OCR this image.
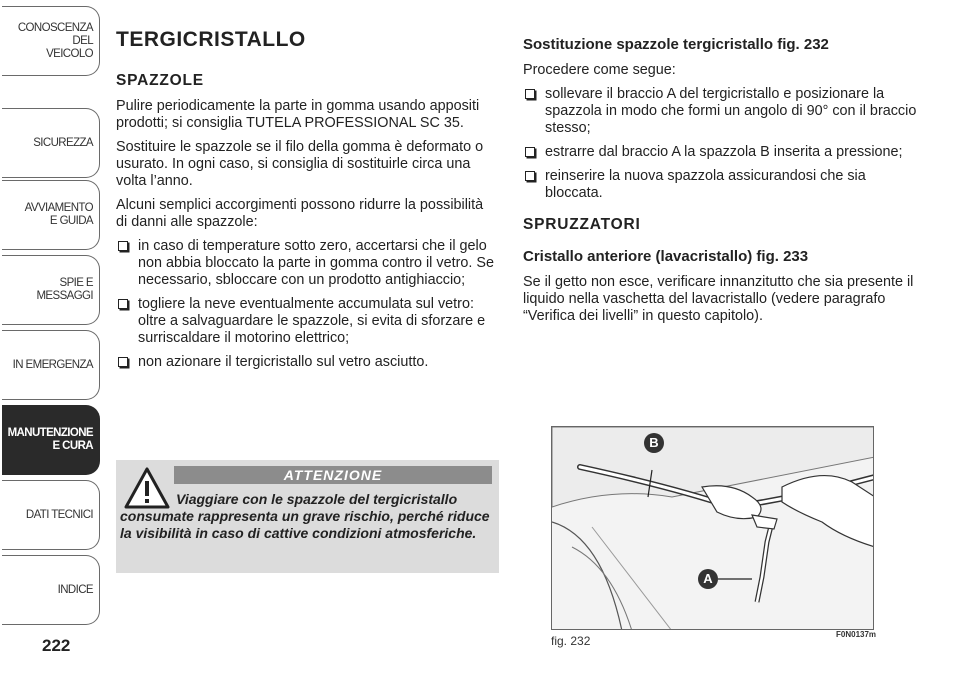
CONOSCENZA
DEL
VEICOLO
SICUREZZA
AVVIAMENTO
E GUIDA
SPIE E
MESSAGGI
IN EMERGENZA
MANUTENZIONE
E CURA
DATI TECNICI
INDICE
222
TERGICRISTALLO
SPAZZOLE

Pulire periodicamente la parte in gomma usando appositi prodotti; si consiglia TUTELA PROFESSIONAL SC 35.

Sostituire le spazzole se il filo della gomma è deformato o usurato. In ogni caso, si consiglia di sostituirle circa una volta l’anno.

Alcuni semplici accorgimenti possono ridurre la possibilità di danni alle spazzole:

in caso di temperature sotto zero, accertarsi che il gelo non abbia bloccato la parte in gomma contro il vetro. Se necessario, sbloccare con un prodotto antighiaccio;
togliere la neve eventualmente accumulata sul vetro: oltre a salvaguardare le spazzole, si evita di sforzare e surriscaldare il motorino elettrico;
non azionare il tergicristallo sul vetro asciutto.
ATTENZIONE
Viaggiare con le spazzole del tergicristallo consumate rappresenta un grave rischio, perché riduce la visibilità in caso di cattive condizioni atmosferiche.
Sostituzione spazzole tergicristallo fig. 232

Procedere come segue:

sollevare il braccio A del tergicristallo e posizionare la spazzola in modo che formi un angolo di 90° con il braccio stesso;
estrarre dal braccio A la spazzola B inserita a pressione;
reinserire la nuova spazzola assicurandosi che sia bloccata.
SPRUZZATORI
Cristallo anteriore (lavacristallo) fig. 233

Se il getto non esce, verificare innanzitutto che sia presente il liquido nella vaschetta del lavacristallo (vedere paragrafo “Verifica dei livelli” in questo capitolo).

B
A
fig. 232	F0N0137m
